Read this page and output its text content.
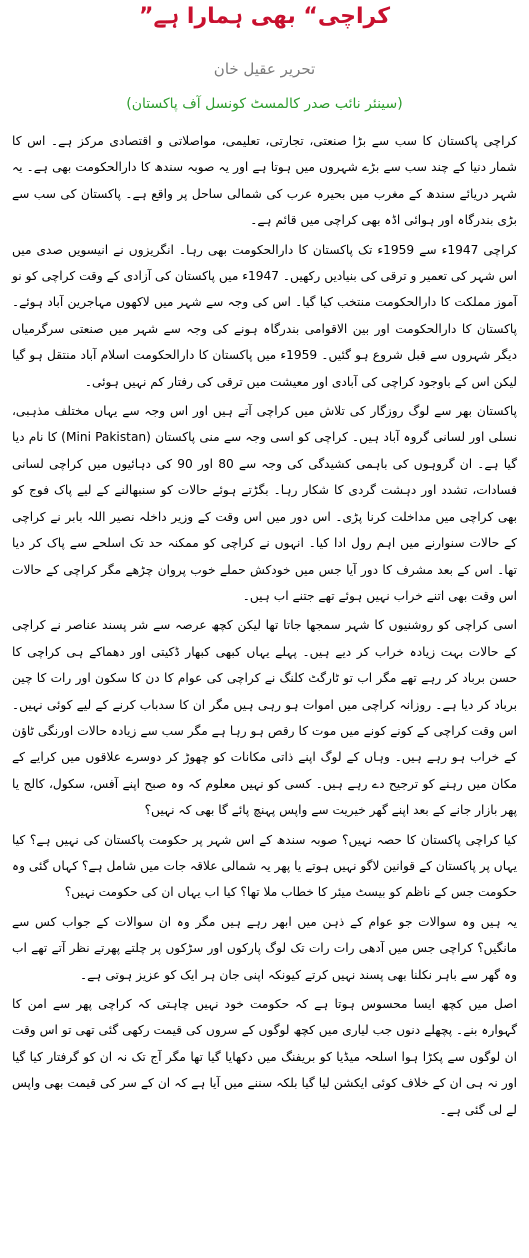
”کراچی“ بھی ہمارا ہے
تحریر عقیل خان
(سینئر نائب صدر کالمسٹ کونسل آف پاکستان)

کراچی پاکستان کا سب سے بڑا صنعتی، تجارتی، تعلیمی، مواصلاتی و اقتصادی مرکز ہے۔ اس کا شمار دنیا کے چند سب سے بڑے شہروں میں ہوتا ہے اور یہ صوبہ سندھ کا دارالحکومت بھی ہے۔ یہ شہر دریائے سندھ کے مغرب میں بحیرہ عرب کی شمالی ساحل پر واقع ہے۔ پاکستان کی سب سے بڑی بندرگاہ اور ہوائی اڈہ بھی کراچی میں قائم ہے۔

کراچی 1947ء سے 1959ء تک پاکستان کا دارالحکومت بھی رہا۔ انگریزوں نے انیسویں صدی میں اس شہر کی تعمیر و ترقی کی بنیادیں رکھیں۔ 1947ء میں پاکستان کی آزادی کے وقت کراچی کو نو آموز مملکت کا دارالحکومت منتخب کیا گیا۔ اس کی وجہ سے شہر میں لاکھوں مہاجرین آباد ہوئے۔ پاکستان کا دارالحکومت اور بین الاقوامی بندرگاہ ہونے کی وجہ سے شہر میں صنعتی سرگرمیاں دیگر شہروں سے قبل شروع ہو گئیں۔ 1959ء میں پاکستان کا دارالحکومت اسلام آباد منتقل ہو گیا لیکن اس کے باوجود کراچی کی آبادی اور معیشت میں ترقی کی رفتار کم نہیں ہوئی۔

پاکستان بھر سے لوگ روزگار کی تلاش میں کراچی آتے ہیں اور اس وجہ سے یہاں مختلف مذہبی، نسلی اور لسانی گروہ آباد ہیں۔ کراچی کو اسی وجہ سے منی پاکستان (Mini Pakistan) کا نام دیا گیا ہے۔ ان گروہوں کی باہمی کشیدگی کی وجہ سے 80 اور 90 کی دہائیوں میں کراچی لسانی فسادات، تشدد اور دہشت گردی کا شکار رہا۔ بگڑتے ہوئے حالات کو سنبھالنے کے لیے پاک فوج کو بھی کراچی میں مداخلت کرنا پڑی۔ اس دور میں اس وقت کے وزیر داخلہ نصیر اللہ بابر نے کراچی کے حالات سنوارنے میں اہم رول ادا کیا۔ انہوں نے کراچی کو ممکنہ حد تک اسلحے سے پاک کر دیا تھا۔ اس کے بعد مشرف کا دور آیا جس میں خودکش حملے خوب پروان چڑھے مگر کراچی کے حالات اس وقت بھی اتنے خراب نہیں ہوئے تھے جتنے اب ہیں۔

اسی کراچی کو روشنیوں کا شہر سمجھا جاتا تھا لیکن کچھ عرصہ سے شر پسند عناصر نے کراچی کے حالات بہت زیادہ خراب کر دیے ہیں۔ پہلے یہاں کبھی کبھار ڈکیتی اور دھماکے ہی کراچی کا حسن برباد کر رہے تھے مگر اب تو ٹارگٹ کلنگ نے کراچی کی عوام کا دن کا سکون اور رات کا چین برباد کر دیا ہے۔ روزانہ کراچی میں اموات ہو رہی ہیں مگر ان کا سدباب کرنے کے لیے کوئی نہیں۔ اس وقت کراچی کے کونے کونے میں موت کا رقص ہو رہا ہے مگر سب سے زیادہ حالات اورنگی ٹاؤن کے خراب ہو رہے ہیں۔ وہاں کے لوگ اپنے ذاتی مکانات کو چھوڑ کر دوسرے علاقوں میں کرایے کے مکان میں رہنے کو ترجیح دے رہے ہیں۔ کسی کو نہیں معلوم کہ وہ صبح اپنے آفس، سکول، کالج یا پھر بازار جانے کے بعد اپنے گھر خیریت سے واپس پہنچ پائے گا بھی کہ نہیں؟

کیا کراچی پاکستان کا حصہ نہیں؟ صوبہ سندھ کے اس شہر پر حکومت پاکستان کی نہیں ہے؟ کیا یہاں پر پاکستان کے قوانین لاگو نہیں ہوتے یا پھر یہ شمالی علاقہ جات میں شامل ہے؟ کہاں گئی وہ حکومت جس کے ناظم کو بیسٹ میئر کا خطاب ملا تھا؟ کیا اب یہاں ان کی حکومت نہیں؟

یہ ہیں وہ سوالات جو عوام کے ذہن میں ابھر رہے ہیں مگر وہ ان سوالات کے جواب کس سے مانگیں؟ کراچی جس میں آدھی رات رات تک لوگ پارکوں اور سڑکوں پر چلتے پھرتے نظر آتے تھے اب وہ گھر سے باہر نکلنا بھی پسند نہیں کرتے کیونکہ اپنی جان ہر ایک کو عزیز ہوتی ہے۔

اصل میں کچھ ایسا محسوس ہوتا ہے کہ حکومت خود نہیں چاہتی کہ کراچی پھر سے امن کا گہوارہ بنے۔ پچھلے دنوں جب لیاری میں کچھ لوگوں کے سروں کی قیمت رکھی گئی تھی تو اس وقت ان لوگوں سے پکڑا ہوا اسلحہ میڈیا کو بریفنگ میں دکھایا گیا تھا مگر آج تک نہ ان کو گرفتار کیا گیا اور نہ ہی ان کے خلاف کوئی ایکشن لیا گیا بلکہ سننے میں آیا ہے کہ ان کے سر کی قیمت بھی واپس لے لی گئی ہے۔
